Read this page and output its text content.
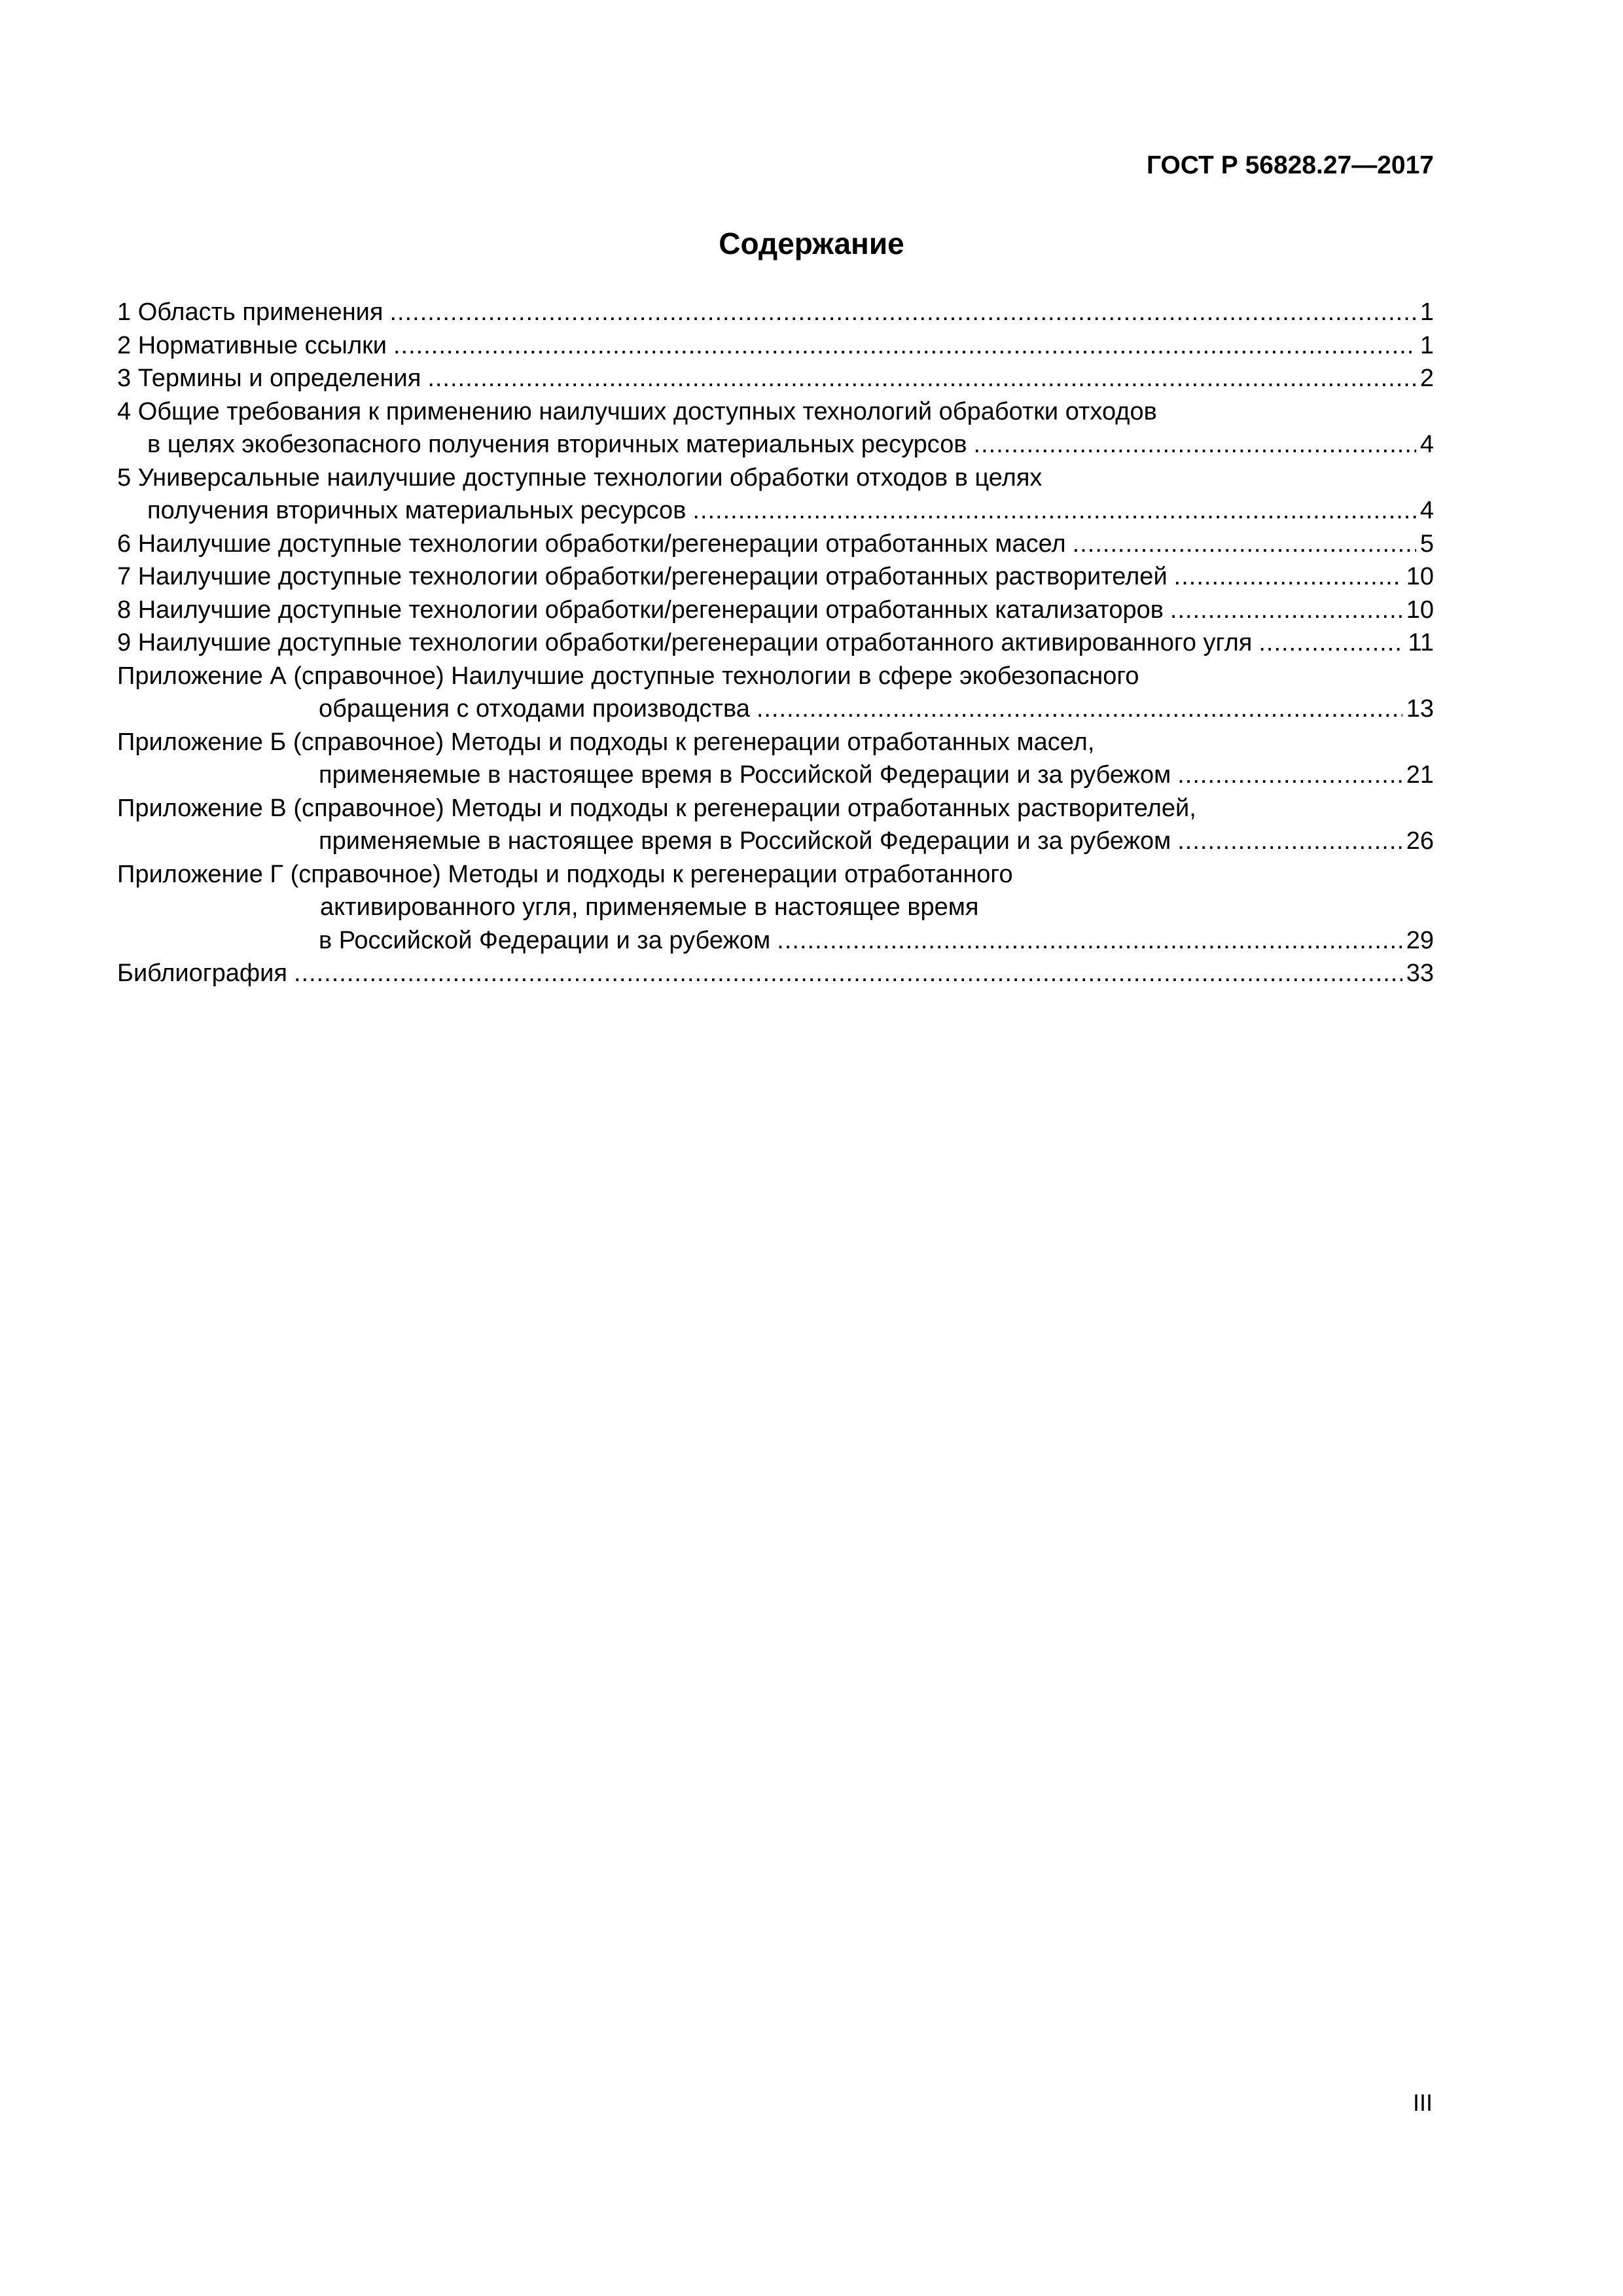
ГОСТ Р 56828.27—2017
Содержание
1 Область применения .....	1
2 Нормативные ссылки .....	1
3 Термины и определения .....	2
4 Общие требования к применению наилучших доступных технологий обработки отходов
в целях экобезопасного получения вторичных материальных ресурсов .....	4
5 Универсальные наилучшие доступные технологии обработки отходов в целях
получения вторичных материальных ресурсов .....	4
6 Наилучшие доступные технологии обработки/регенерации отработанных масел .....	5
7 Наилучшие доступные технологии обработки/регенерации отработанных растворителей .....	10
8 Наилучшие доступные технологии обработки/регенерации отработанных катализаторов .....	10
9 Наилучшие доступные технологии обработки/регенерации отработанного активированного угля .....	11
Приложение А (справочное) Наилучшие доступные технологии в сфере экобезопасного
обращения с отходами производства .....	13
Приложение Б (справочное) Методы и подходы к регенерации отработанных масел,
применяемые в настоящее время в Российской Федерации и за рубежом .....	21
Приложение В (справочное) Методы и подходы к регенерации отработанных растворителей,
применяемые в настоящее время в Российской Федерации и за рубежом .....	26
Приложение Г (справочное) Методы и подходы к регенерации отработанного
активированного угля, применяемые в настоящее время
в Российской Федерации и за рубежом .....	29
Библиография .....	33
III
